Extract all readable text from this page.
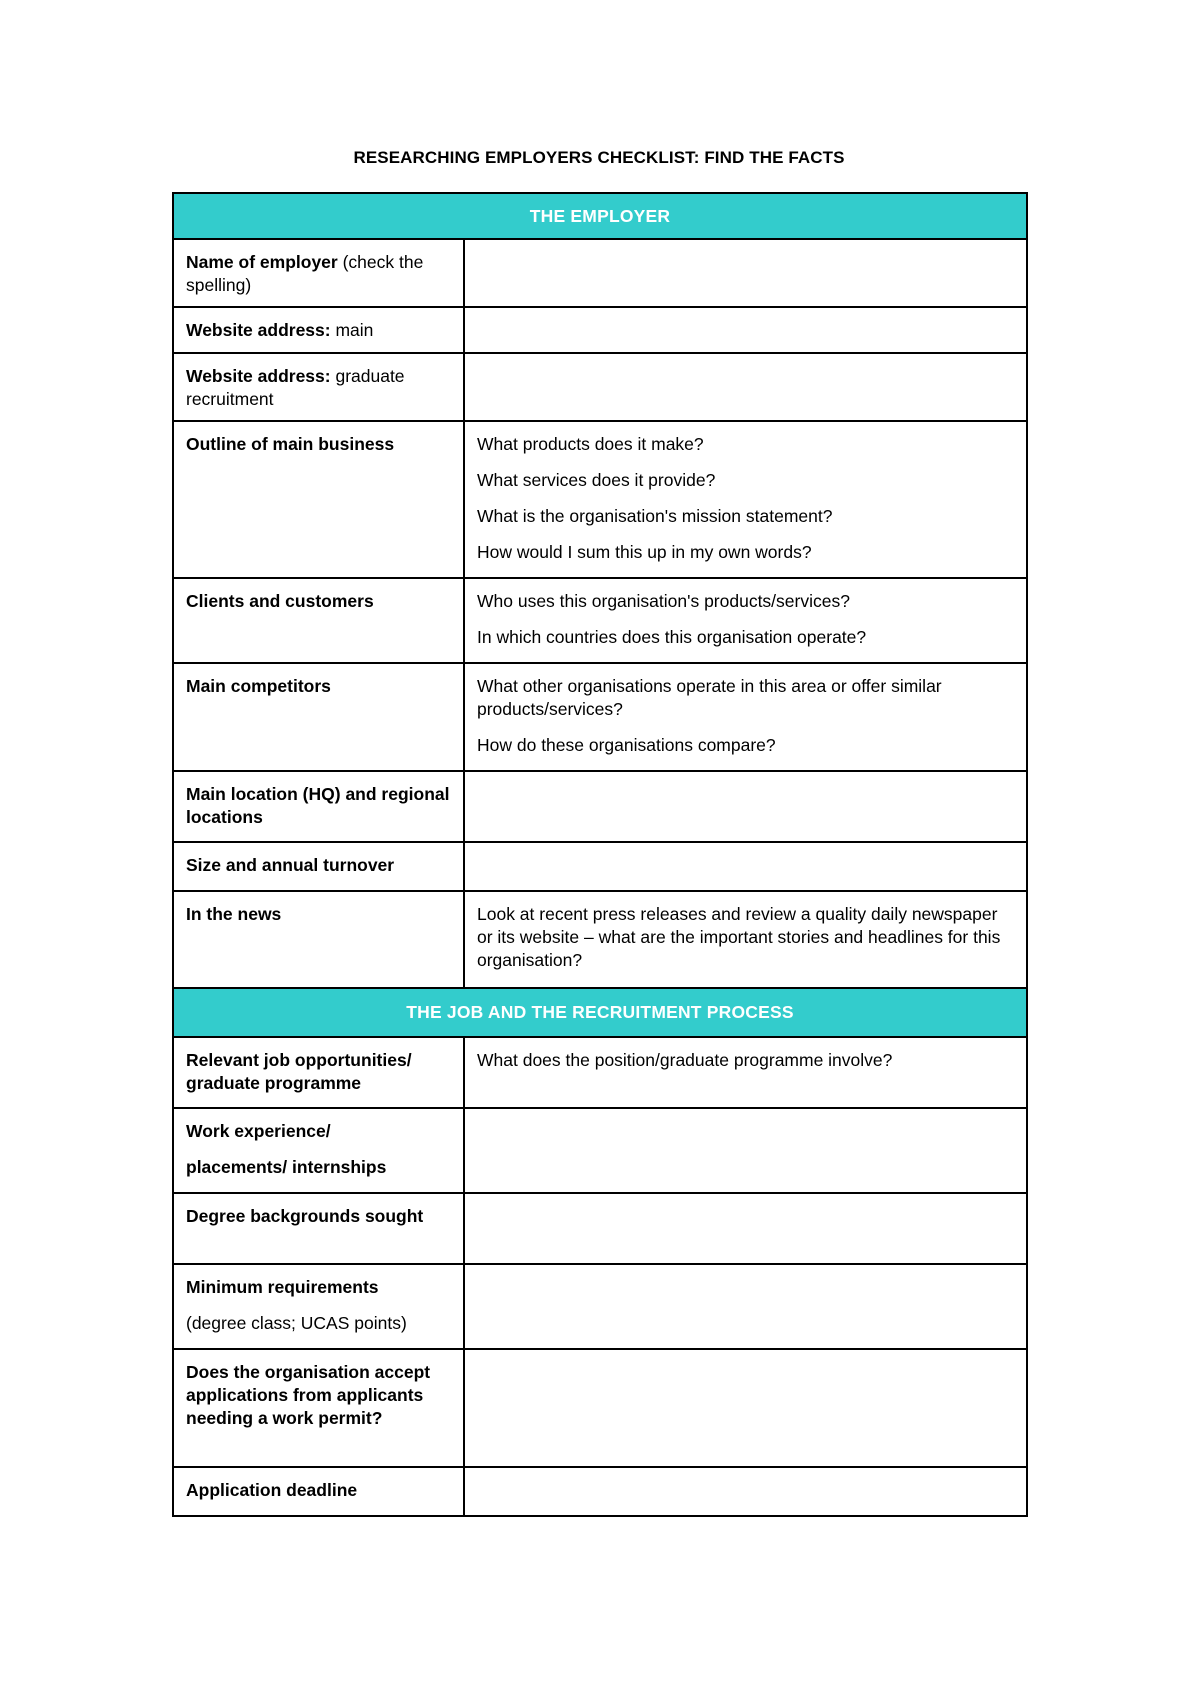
RESEARCHING EMPLOYERS CHECKLIST: FIND THE FACTS
THE EMPLOYER	
Name of employer (check the spelling)	
Website address: main	
Website address: graduate recruitment	
Outline of main business	What products does it make?

What services does it provide?

What is the organisation's mission statement?

How would I sum this up in my own words?

Clients and customers	Who uses this organisation's products/services?

In which countries does this organisation operate?

Main competitors	What other organisations operate in this area or offer similar products/services?

How do these organisations compare?

Main location (HQ) and regional locations	
Size and annual turnover	
In the news	Look at recent press releases and review a quality daily newspaper or its website – what are the important stories and headlines for this organisation?

THE JOB AND THE RECRUITMENT PROCESS	
Relevant job opportunities/ graduate programme	What does the position/graduate programme involve?

Work experience/
placements/ internships	

Degree backgrounds sought	

Minimum requirements
(degree class; UCAS points)	

Does the organisation accept applications from applicants needing a work permit?	
Application deadline	
